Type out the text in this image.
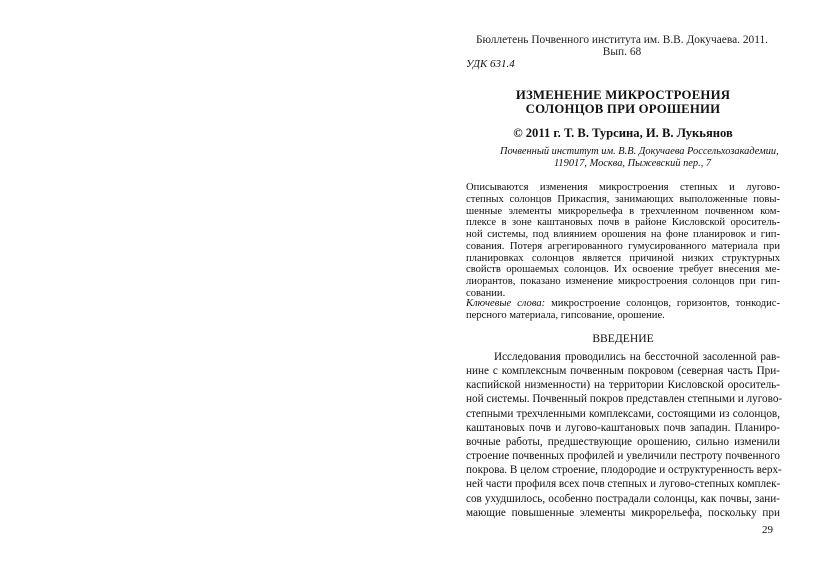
Бюллетень Почвенного института им. В.В. Докучаева. 2011. Вып. 68
УДК 631.4
ИЗМЕНЕНИЕ МИКРОСТРОЕНИЯ
СОЛОНЦОВ ПРИ ОРОШЕНИИ
© 2011 г. Т. В. Турсина, И. В. Лукьянов
Почвенный институт им. В.В. Докучаева Россельхозакадемии,
119017, Москва, Пыжевский пер., 7
Описываются изменения микростроения степных и лугово-
степных солонцов Прикаспия, занимающих выположенные повы-
шенные элементы микрорельефа в трехчленном почвенном ком-
плексе в зоне каштановых почв в районе Кисловской ороситель-
ной системы, под влиянием орошения на фоне планировок и гип-
сования. Потеря агрегированного гумусированного материала при
планировках солонцов является причиной низких структурных
свойств орошаемых солонцов. Их освоение требует внесения ме-
лиорантов, показано изменение микростроения солонцов при гип-
совании.
Ключевые слова: микростроение солонцов, горизонтов, тонкодис-
персного материала, гипсование, орошение.
ВВЕДЕНИЕ
Исследования проводились на бессточной засоленной рав-
нине с комплексным почвенным покровом (северная часть При-
каспийской низменности) на территории Кисловской ороситель-
ной системы. Почвенный покров представлен степными и лугово-
степными трехчленными комплексами, состоящими из солонцов,
каштановых почв и лугово-каштановых почв западин. Планиро-
вочные работы, предшествующие орошению, сильно изменили
строение почвенных профилей и увеличили пестроту почвенного
покрова. В целом строение, плодородие и оструктуренность верх-
ней части профиля всех почв степных и лугово-степных комплек-
сов ухудшилось, особенно пострадали солонцы, как почвы, зани-
мающие повышенные элементы микрорельефа, поскольку при
29
